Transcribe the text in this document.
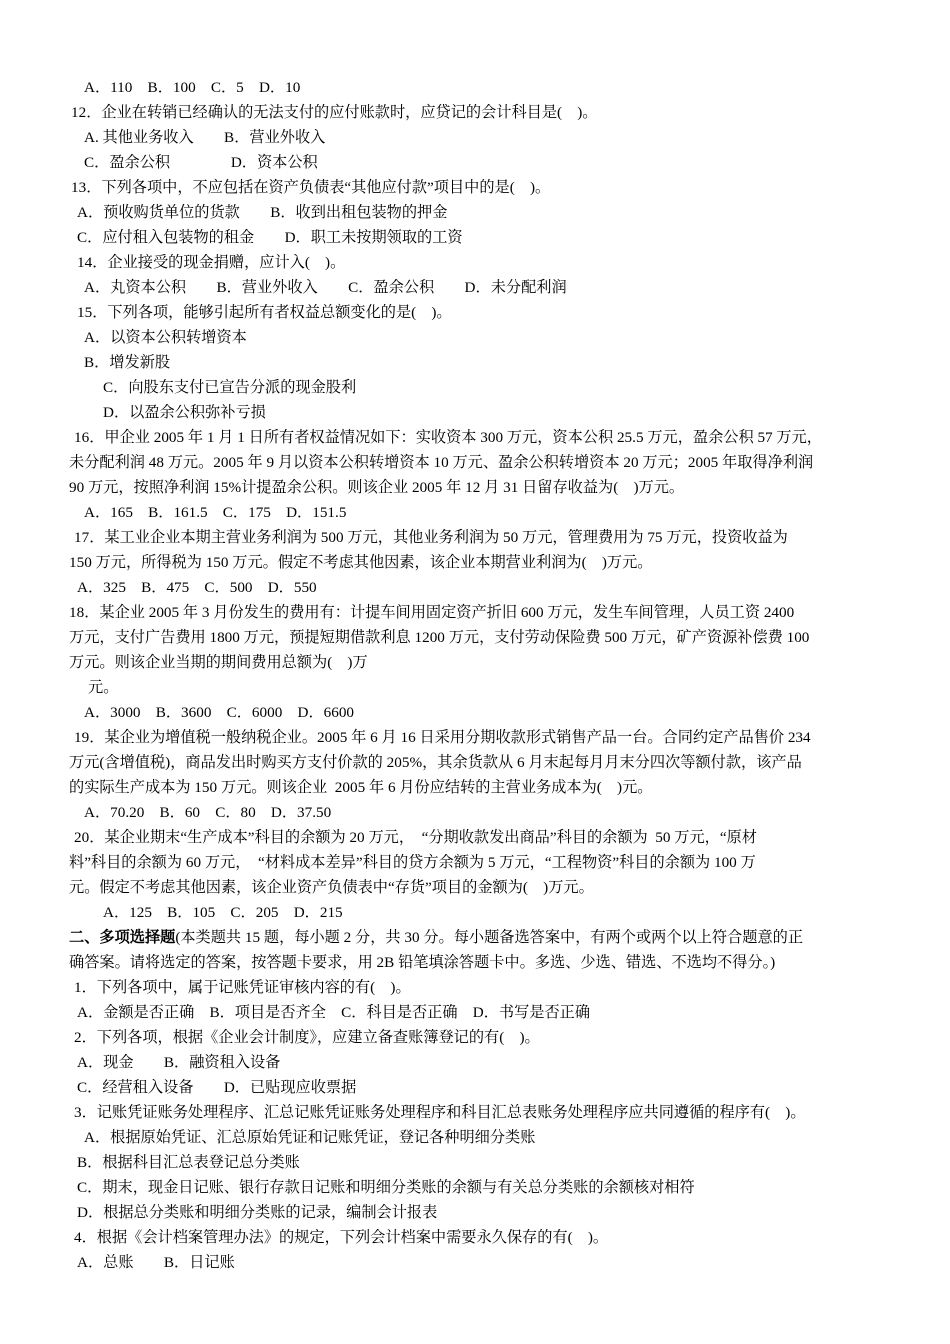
A．110　B．100　C．5　D．10
12．企业在转销已经确认的无法支付的应付账款时，应贷记的会计科目是(　)。
A. 其他业务收入　　B．营业外收入
C．盈余公积　　　　D．资本公积
13．下列各项中，不应包括在资产负债表“其他应付款”项目中的是(　)。
A．预收购货单位的货款　　B．收到出租包装物的押金
C．应付租入包装物的租金　　D．职工未按期领取的工资
14．企业接受的现金捐赠，应计入(　)。
A．丸资本公积　　B．营业外收入　　C．盈余公积　　D．未分配利润
15．下列各项，能够引起所有者权益总额变化的是(　)。
A．以资本公积转增资本
B．增发新股
C．向股东支付已宣告分派的现金股利
D．以盈余公积弥补亏损
16．甲企业 2005 年 1 月 1 日所有者权益情况如下：实收资本 300 万元，资本公积 25.5 万元，盈余公积 57 万元，
未分配利润 48 万元。2005 年 9 月以资本公积转增资本 10 万元、盈余公积转增资本 20 万元；2005 年取得净利润
90 万元，按照净利润 15%计提盈余公积。则该企业 2005 年 12 月 31 日留存收益为(　)万元。
A．165　B．161.5　C．175　D．151.5
17．某工业企业本期主营业务利润为 500 万元，其他业务利润为 50 万元，管理费用为 75 万元，投资收益为
150 万元，所得税为 150 万元。假定不考虑其他因素，该企业本期营业利润为(　)万元。
A．325　B．475　C．500　D．550
18．某企业 2005 年 3 月份发生的费用有：计提车间用固定资产折旧 600 万元，发生车间管理，人员工资 2400
万元，支付广告费用 1800 万元，预提短期借款利息 1200 万元，支付劳动保险费 500 万元，矿产资源补偿费 100
万元。则该企业当期的期间费用总额为(　)万
元。
A．3000　B．3600　C．6000　D．6600
19．某企业为增值税一般纳税企业。2005 年 6 月 16 日采用分期收款形式销售产品一台。合同约定产品售价 234
万元(含增值税)，商品发出时购买方支付价款的 205%，其余货款从 6 月末起每月月末分四次等额付款，该产品
的实际生产成本为 150 万元。则该企业  2005 年 6 月份应结转的主营业务成本为(　)元。
A．70.20　B．60　C．80　D．37.50
20．某企业期末“生产成本”科目的余额为 20 万元，　“分期收款发出商品”科目的余额为  50 万元，“原材
料”科目的余额为 60 万元，　“材料成本差异”科目的贷方余额为 5 万元，“工程物资”科目的余额为 100 万
元。假定不考虑其他因素，该企业资产负债表中“存货”项目的金额为(　)万元。
A．125　B．105　C．205　D．215
二、多项选择题(本类题共 15 题，每小题 2 分，共 30 分。每小题备选答案中，有两个或两个以上符合题意的正
确答案。请将选定的答案，按答题卡要求，用 2B 铅笔填涂答题卡中。多选、少选、错选、不选均不得分。)
1．下列各项中，属于记账凭证审核内容的有(　)。
A．金额是否正确　B．项目是否齐全　C．科目是否正确　D．书写是否正确
2．下列各项，根据《企业会计制度》，应建立备查账簿登记的有(　)。
A．现金　　B．融资租入设备
C．经营租入设备　　D．已贴现应收票据
3．记账凭证账务处理程序、汇总记账凭证账务处理程序和科目汇总表账务处理程序应共同遵循的程序有(　)。
A．根据原始凭证、汇总原始凭证和记账凭证，登记各种明细分类账
B．根据科目汇总表登记总分类账
C．期末，现金日记账、银行存款日记账和明细分类账的余额与有关总分类账的余额核对相符
D．根据总分类账和明细分类账的记录，编制会计报表
4．根据《会计档案管理办法》的规定，下列会计档案中需要永久保存的有(　)。
A．总账　　B．日记账
